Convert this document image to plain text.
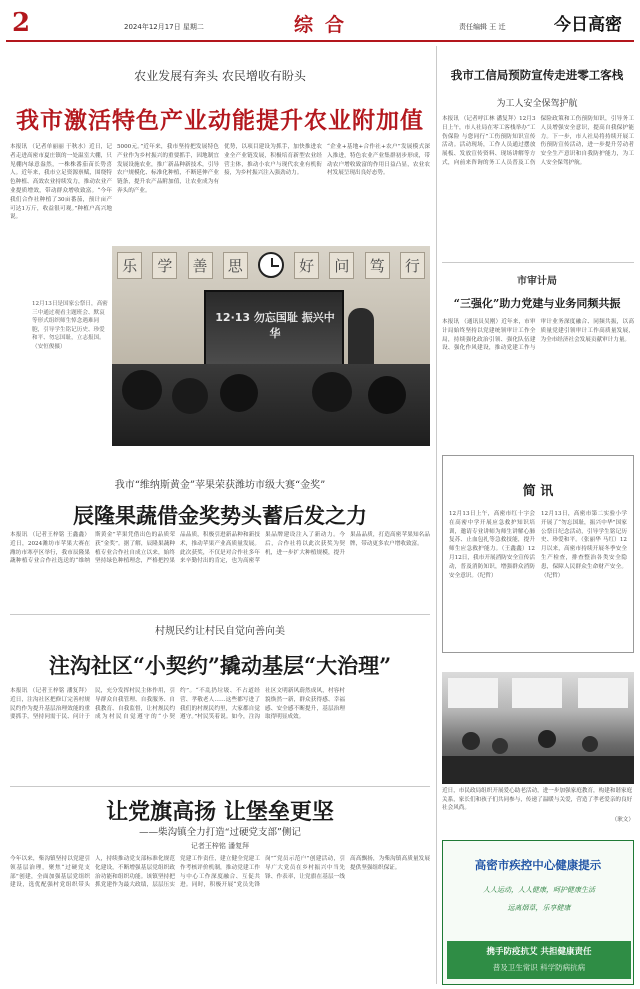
2	2024年12月17日 星期二	综合	责任编辑 王 迁	今日高密
农业发展有奔头 农民增收有盼头
我市激活特色产业动能提升农业附加值
本报讯 （记者单丽丽 于秋水）近日，记者走进高密市夏庄镇的一处温室大棚，只见棚内绿意盎然，一株株番茄苗长势喜人。近年来，我市立足资源禀赋，围绕特色种植、高效农业持续发力，推动农业产业提质增效，带动群众增收致富。“今年我们合作社种植了30亩番茄，预计亩产可达1万斤，收益很可观。”种植户高兴地说。
5000元。”近年来，我市坚持把发展特色产业作为乡村振兴的重要抓手，因地制宜发展设施农业，推广新品种新技术，引导农户规模化、标准化种植，不断延伸产业链条，提升农产品附加值，让农业成为有奔头的产业。
优势，以项目建设为抓手，加快推进农业全产业链发展，积极培育新型农业经营主体，推动小农户与现代农业有机衔接，为乡村振兴注入强劲动力。
“企业+基地+合作社+农户”发展模式深入推进，特色农业产业集群初步形成，带动农户增收致富的作用日益凸显，农业农村发展呈现出良好态势。
12月13日是国家公祭日，高密三中通过观看主题班会、默哀等形式组织师生悼念遇难同胞，引导学生铭记历史、珍爱和平、勿忘国耻，立志报国。（安恒俊摄）
乐	学	善	思	好	问	笃	行
12·13 勿忘国耻 振兴中华
我市“维纳斯黄金”苹果荣获潍坊市级大赛“金奖”
辰隆果蔬借金奖势头蓄后发之力
本报讯 （记者王梓铭 王鑫鑫）近日，2024潍坊市苹果大赛在潍坊市寒亭区举行，我市辰隆果蔬种植专业合作社选送的“维纳斯黄金”苹果凭借出色的品质荣获“金奖”。据了解，辰隆果蔬种植专业合作社自成立以来，始终坚持绿色种植理念，严格把控果品品质，积极引进新品种和新技术，推动苹果产业高质量发展。此次获奖，不仅是对合作社多年来辛勤付出的肯定，也为高密苹果品牌建设注入了新动力。今后，合作社将以此次获奖为契机，进一步扩大种植规模，提升果品品质，打造高密苹果知名品牌，带动更多农户增收致富。
村规民约让村民自觉向善向美
注沟社区“小契约”撬动基层“大治理”
本报讯 （记者王梓铭 潘复拜）近日，注沟社区把修订完善村规民约作为提升基层治理效能的重要抓手，坚持问需于民、问计于民，充分发挥村民主体作用，引导群众自我管理、自我服务、自我教育、自我监督，让村规民约成为村民自觉遵守的“小契约”。“不乱扔垃圾、不占道经营、孝敬老人……这些都写进了我们的村规民约里，大家都自觉遵守。”村民笑着说。如今，注沟社区文明新风蔚然成风，村容村貌焕然一新，群众获得感、幸福感、安全感不断提升，基层治理取得明显成效。
让党旗高扬 让堡垒更坚
——柴沟镇全力打造“过硬党支部”侧记
记者王梓铭 潘复拜
今年以来，柴沟镇坚持以党建引领基层治理，聚焦“过硬党支部”创建，全面加强基层党组织建设，选优配强村党组织带头人，持续推动党支部标准化规范化建设，不断增强基层党组织政治功能和组织功能。该镇坚持把抓党建作为最大政绩，层层压实党建工作责任，建立健全党建工作考核评价机制，推动党建工作与中心工作深度融合、互促共进。同时，积极开展“党员先锋岗”“党员示范户”创建活动，引导广大党员在乡村振兴中当先锋、作表率，让党旗在基层一线高高飘扬，为柴沟镇高质量发展提供坚强组织保证。
我市工信局预防宣传走进零工客栈
为工人安全保驾护航
本报讯 （记者呼江林 潘复拜）12月3日上午，市人社局在零工客栈举办“工伤保险 与您同行”工伤预防知识宣传活动。活动现场，工作人员通过摆放展板、发放宣传资料、现场讲解等方式，向前来咨询的务工人员普及工伤保险政策和工伤预防知识，引导务工人员增强安全意识，提高自我保护能力。下一步，市人社局将持续开展工伤预防宣传活动，进一步提升劳动者安全生产意识和自我防护能力，为工人安全保驾护航。
市审计局
“三强化”助力党建与业务同频共振
本报讯 （通讯员吴刚）近年来，市审计局始终坚持以党建统领审计工作全局，持续强化政治引领、强化队伍建设、强化作风建设，推动党建工作与审计业务深度融合、同频共振，以高质量党建引领审计工作高质量发展，为全市经济社会发展贡献审计力量。
简 讯
12月13日上午，高密市红十字会在高密中学开展应急救护知识培训，邀请专业讲师为师生讲解心肺复苏、止血包扎等急救技能，提升师生应急救护能力。（王鑫鑫）12月12日，我市开展消防安全宣传活动，普及消防知识，增强群众消防安全意识。（纪哲）
12月13日，高密市第二实验小学开展了“勿忘国耻，振兴中华”国家公祭日纪念活动，引导学生铭记历史、珍爱和平。（张丽华 马红）12月以来，高密市持续开展冬季安全生产检查，排查整治各类安全隐患，保障人民群众生命财产安全。（纪哲）
近日，市民政局组织开展爱心助老活动，进一步加强家庭教育，构建和谐家庭关系，家长们和孩子们共同参与，传递了温暖与关爱，营造了孝老爱亲的良好社会风尚。
（耿文）
高密市疾控中心健康提示
人人运动，人人健康，呵护健康生活
远离烟草，乐享健康
携手防疫抗艾 共担健康责任
普及卫生常识 科学防病抗病
